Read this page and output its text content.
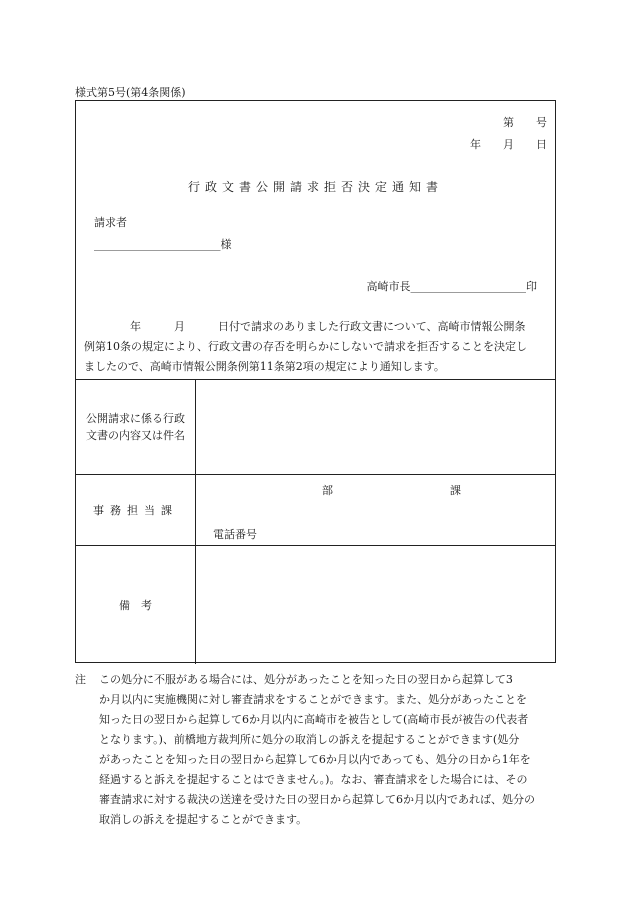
様式第5号(第4条関係)
第　　号
年　　月　　日
行政文書公開請求拒否決定通知書
請求者
_______________________様
高崎市長_____________________印

年　　　月　　　日付で請求のありました行政文書について、高崎市情報公開条

例第10条の規定により、行政文書の存否を明らかにしないで請求を拒否することを決定し

ましたので、高崎市情報公開条例第11条第2項の規定により通知します。

公開請求に係る行政
文書の内容又は件名
事務担当課
部	課
電話番号
備　考
注	この処分に不服がある場合には、処分があったことを知った日の翌日から起算して3
か月以内に実施機関に対し審査請求をすることができます。また、処分があったことを
知った日の翌日から起算して6か月以内に高崎市を被告として(高崎市長が被告の代表者
となります。)、前橋地方裁判所に処分の取消しの訴えを提起することができます(処分
があったことを知った日の翌日から起算して6か月以内であっても、処分の日から1年を
経過すると訴えを提起することはできません。)。なお、審査請求をした場合には、その
審査請求に対する裁決の送達を受けた日の翌日から起算して6か月以内であれば、処分の
取消しの訴えを提起することができます。
